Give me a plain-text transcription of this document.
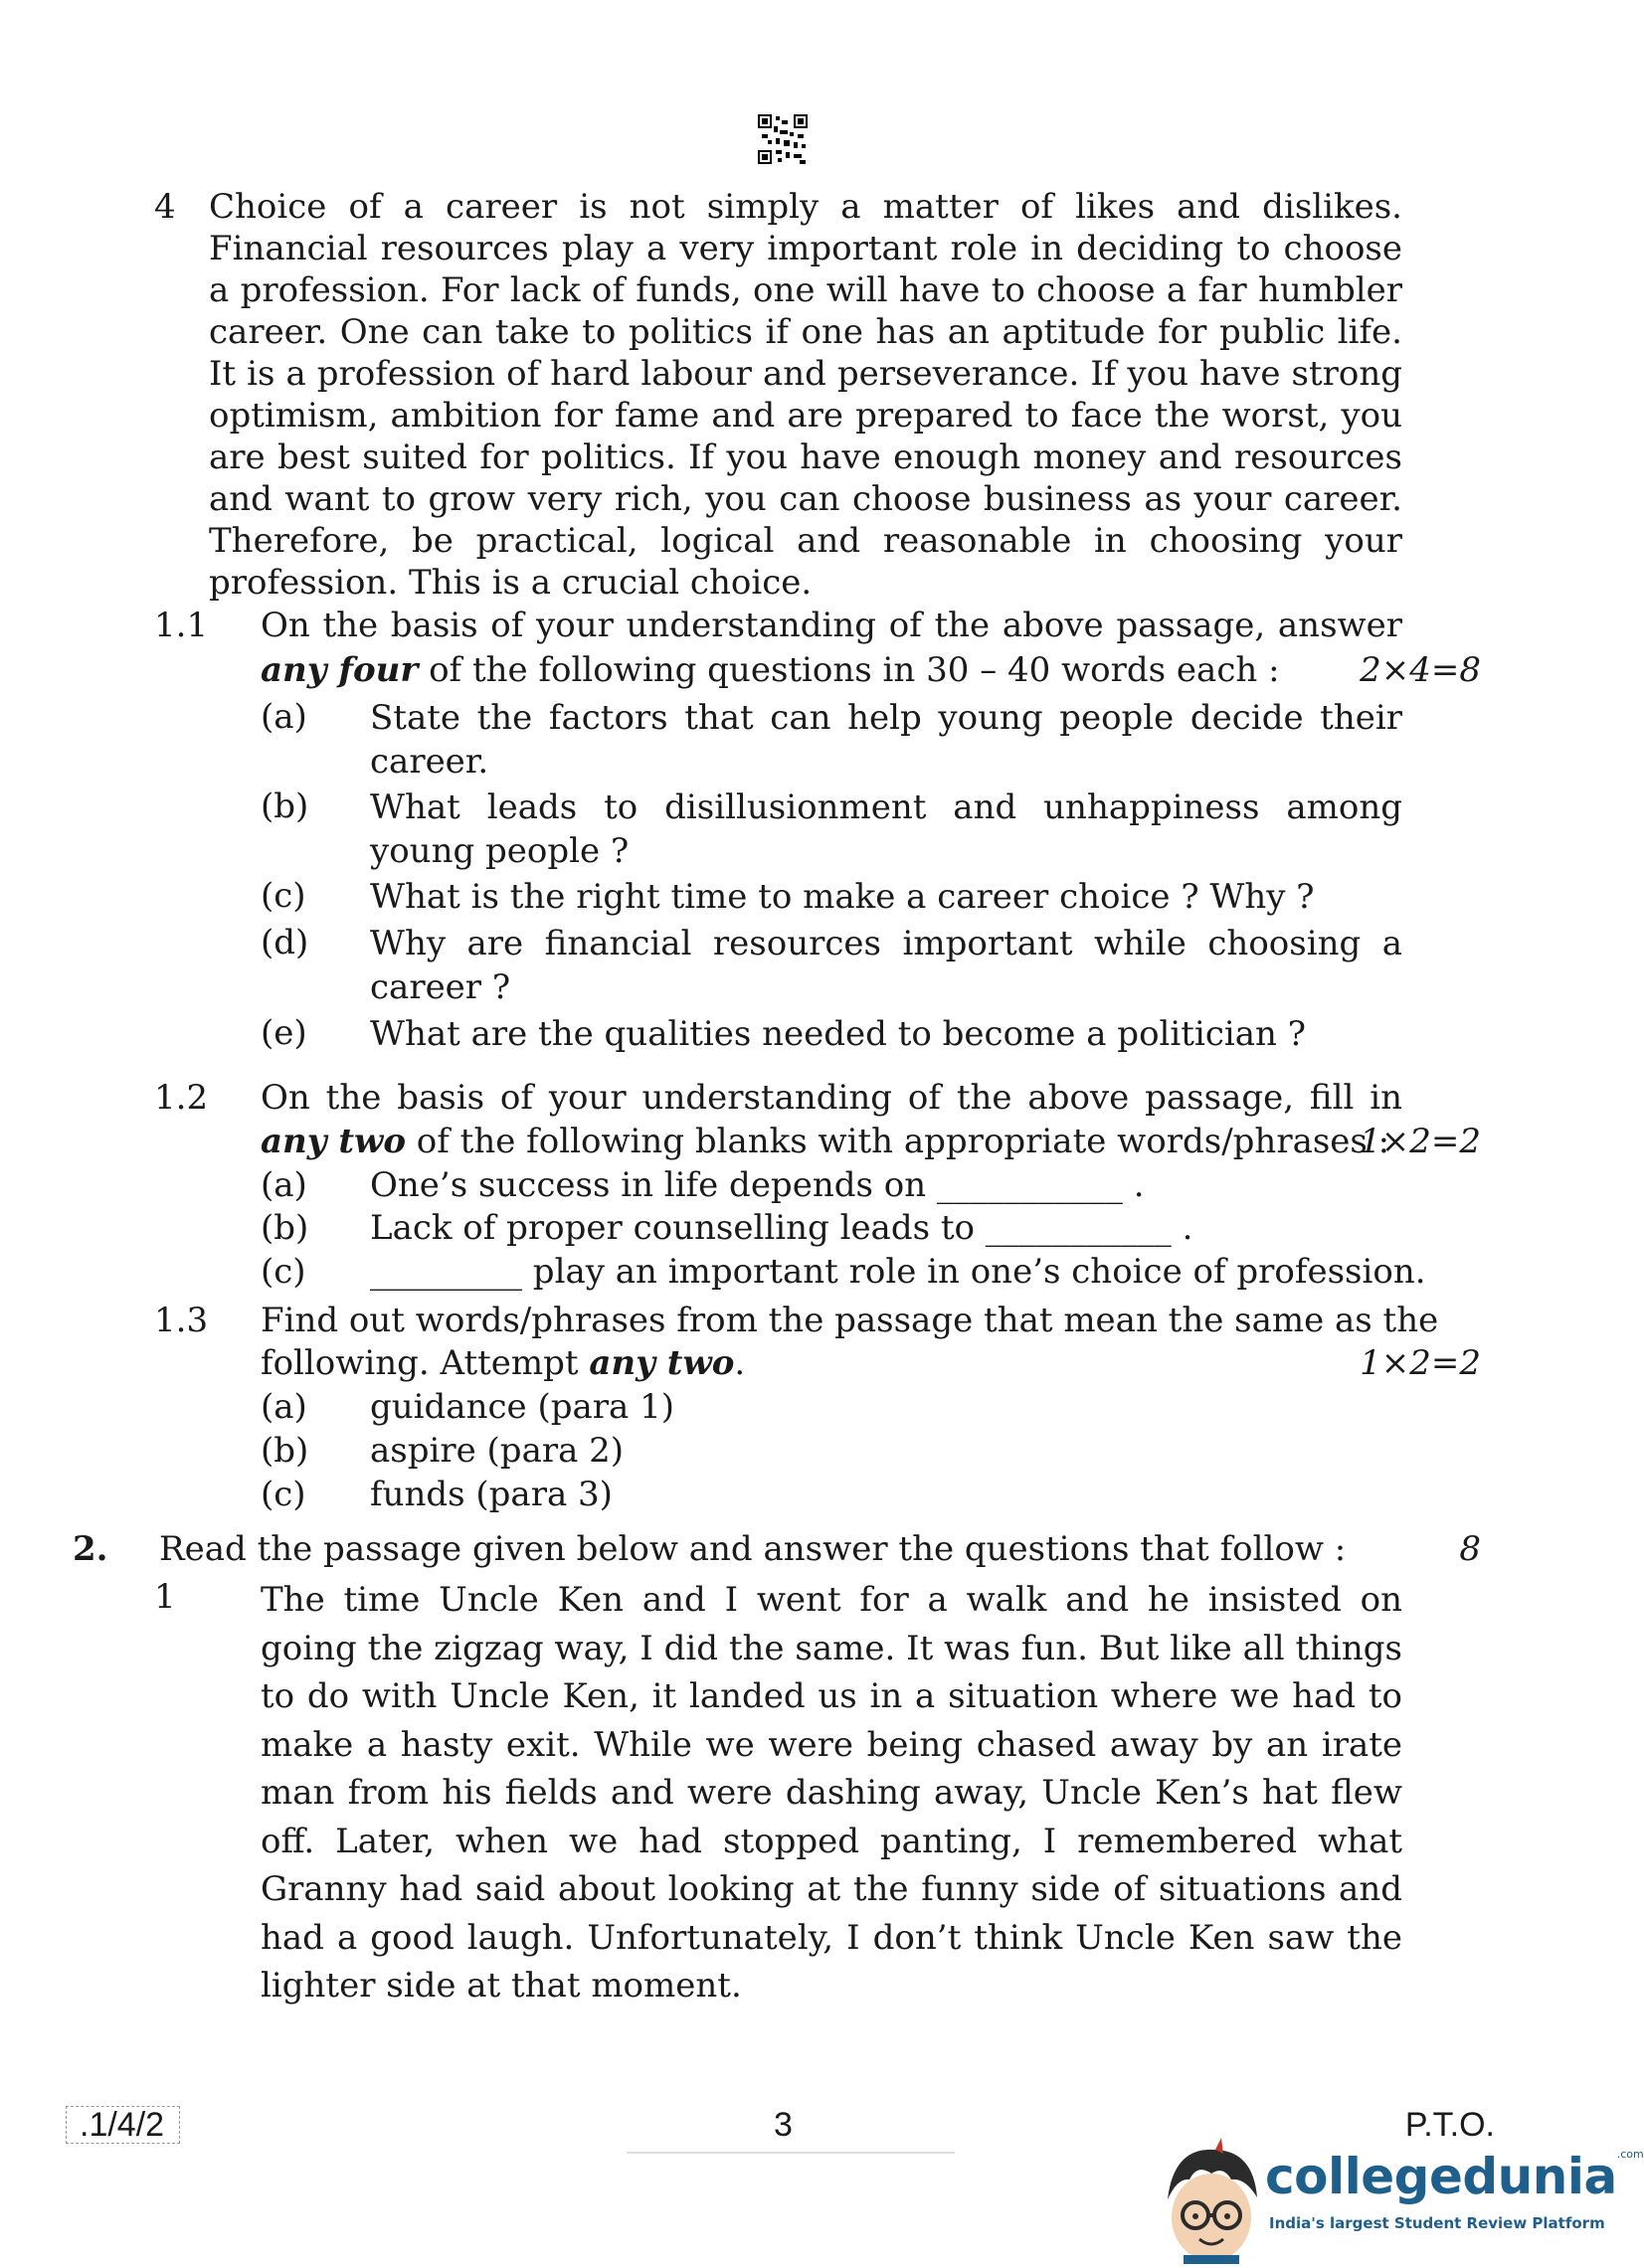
4 Choice of a career is not simply a matter of likes and dislikes. Financial resources play a very important role in deciding to choose a profession. For lack of funds, one will have to choose a far humbler career. One can take to politics if one has an aptitude for public life. It is a profession of hard labour and perseverance. If you have strong optimism, ambition for fame and are prepared to face the worst, you are best suited for politics. If you have enough money and resources and want to grow very rich, you can choose business as your career. Therefore, be practical, logical and reasonable in choosing your profession. This is a crucial choice.
1.1 On the basis of your understanding of the above passage, answer
any four of the following questions in 30 – 40 words each : 2×4=8
(a) State the factors that can help young people decide their career.
(b) What leads to disillusionment and unhappiness among young people ?
(c) What is the right time to make a career choice ? Why ?
(d) Why are financial resources important while choosing a career ?
(e) What are the qualities needed to become a politician ?
1.2 On the basis of your understanding of the above passage, fill in
any two of the following blanks with appropriate words/phrases :
1×2=2
(a) One’s success in life depends on ___________ .
(b) Lack of proper counselling leads to ___________ .
(c) _________ play an important role in one’s choice of profession.
1.3 Find out words/phrases from the passage that mean the same as the
following. Attempt any two.	1×2=2
(a) guidance (para 1)
(b) aspire (para 2)
(c) funds (para 3)
2. Read the passage given below and answer the questions that follow :	8
1	The time Uncle Ken and I went for a walk and he insisted on going the zigzag way, I did the same. It was fun. But like all things to do with Uncle Ken, it landed us in a situation where we had to make a hasty exit. While we were being chased away by an irate man from his fields and were dashing away, Uncle Ken’s hat flew off. Later, when we had stopped panting, I remembered what Granny had said about looking at the funny side of situations and had a good laugh. Unfortunately, I don’t think Uncle Ken saw the lighter side at that moment.
.1/4/2	3	P.T.O.
collegedunia$^{.com}$
India's largest Student Review Platform
